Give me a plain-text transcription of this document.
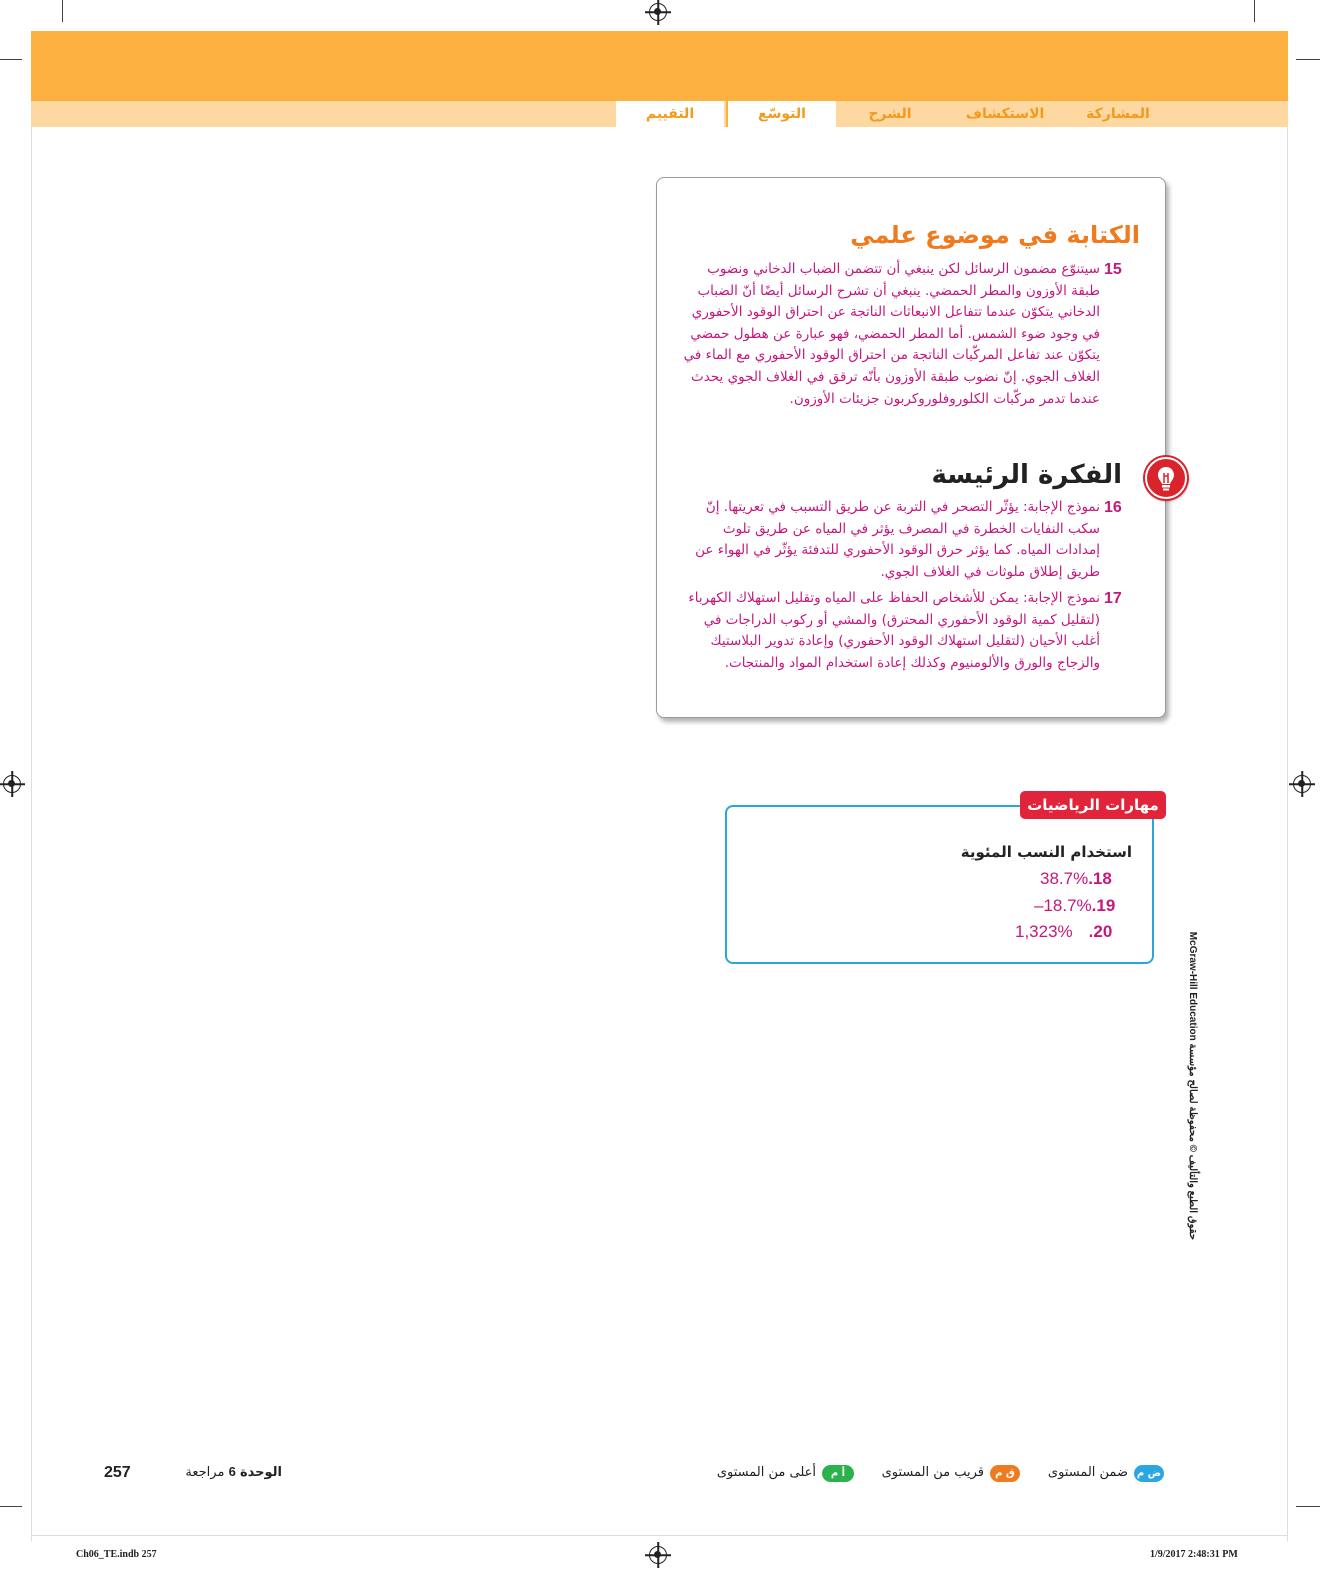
المشاركة
الاستكشاف
الشرح
التوسّع
التقييم
الكتابة في موضوع علمي
15
سيتنوّع مضمون الرسائل لكن ينبغي أن تتضمن الضباب الدخاني ونضوب طبقة الأوزون والمطر الحمضي. ينبغي أن تشرح الرسائل أيضًا أنّ الضباب الدخاني يتكوّن عندما تتفاعل الانبعاثات الناتجة عن احتراق الوقود الأحفوري في وجود ضوء الشمس. أما المطر الحمضي، فهو عبارة عن هطول حمضي يتكوّن عند تفاعل المركّبات الناتجة من احتراق الوقود الأحفوري مع الماء في الغلاف الجوي. إنّ نضوب طبقة الأوزون بأنّه ترقق في الغلاف الجوي يحدث عندما تدمر مركّبات الكلوروفلوروكربون جزيئات الأوزون.
الفكرة الرئيسة
16
نموذج الإجابة: يؤثّر التصحر في التربة عن طريق التسبب في تعريتها. إنّ سكب النفايات الخطرة في المصرف يؤثر في المياه عن طريق تلوث إمدادات المياه. كما يؤثر حرق الوقود الأحفوري للتدفئة يؤثّر في الهواء عن طريق إطلاق ملوثات في الغلاف الجوي.
17
نموذج الإجابة: يمكن للأشخاص الحفاظ على المياه وتقليل استهلاك الكهرباء (لتقليل كمية الوقود الأحفوري المحترق) والمشي أو ركوب الدراجات في أغلب الأحيان (لتقليل استهلاك الوقود الأحفوري) وإعادة تدوير البلاستيك والزجاج والورق والألومنيوم وكذلك إعادة استخدام المواد والمنتجات.
مهارات الرياضيات
استخدام النسب المئوية
38.7%.18
–18.7%.19
1,323% .20
حقوق الطبع والتأليف © محفوظة لصالح مؤسسة McGraw-Hill Education
ض م
ضمن المستوى
ق م
قريب من المستوى
أ م
أعلى من المستوى
257	الوحدة 6 مراجعة
Ch06_TE.indb 257	1/9/2017 2:48:31 PM
